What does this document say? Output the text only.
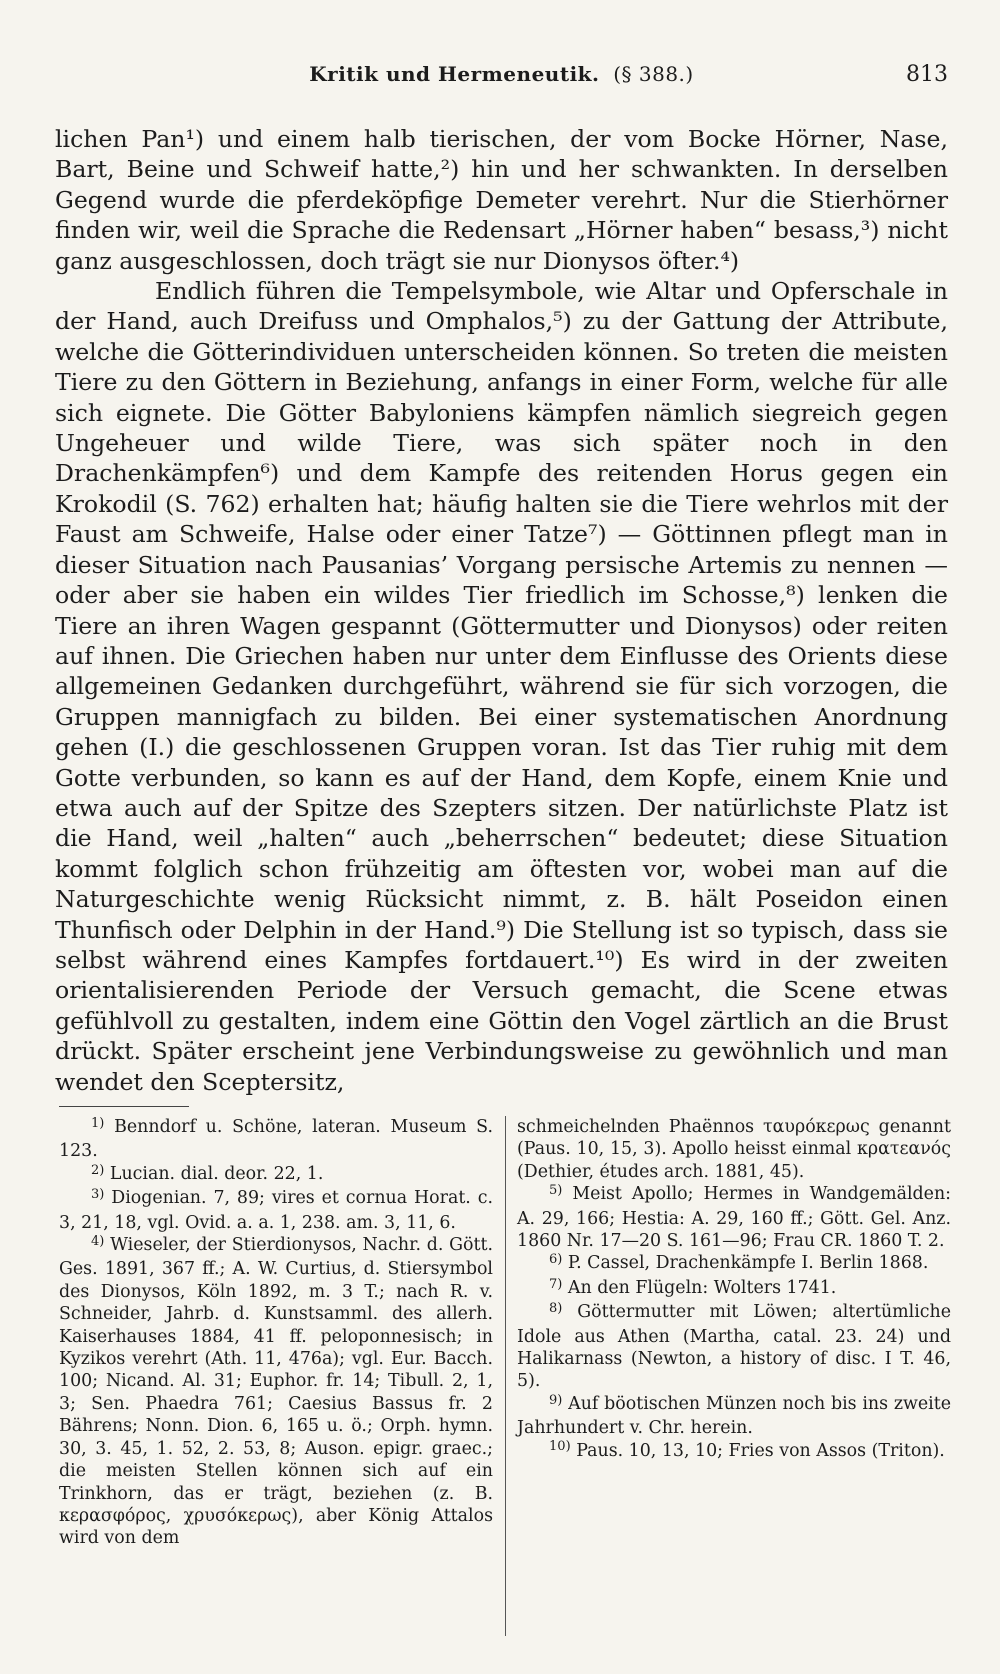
Kritik und Hermeneutik. (§ 388.)	813

lichen Pan¹) und einem halb tierischen, der vom Bocke Hörner, Nase, Bart, Beine und Schweif hatte,²) hin und her schwankten. In derselben Gegend wurde die pferdeköpfige Demeter verehrt. Nur die Stierhörner finden wir, weil die Sprache die Redensart „Hörner haben“ besass,³) nicht ganz ausgeschlossen, doch trägt sie nur Dionysos öfter.⁴)

Endlich führen die Tempelsymbole, wie Altar und Opferschale in der Hand, auch Dreifuss und Omphalos,⁵) zu der Gattung der Attribute, welche die Götterindividuen unterscheiden können. So treten die meisten Tiere zu den Göttern in Beziehung, anfangs in einer Form, welche für alle sich eignete. Die Götter Babyloniens kämpfen nämlich siegreich gegen Ungeheuer und wilde Tiere, was sich später noch in den Drachenkämpfen⁶) und dem Kampfe des reitenden Horus gegen ein Krokodil (S. 762) erhalten hat; häufig halten sie die Tiere wehrlos mit der Faust am Schweife, Halse oder einer Tatze⁷) — Göttinnen pflegt man in dieser Situation nach Pausanias’ Vorgang persische Artemis zu nennen — oder aber sie haben ein wildes Tier friedlich im Schosse,⁸) lenken die Tiere an ihren Wagen gespannt (Göttermutter und Dionysos) oder reiten auf ihnen. Die Griechen haben nur unter dem Einflusse des Orients diese allgemeinen Gedanken durchgeführt, während sie für sich vorzogen, die Gruppen mannigfach zu bilden. Bei einer systematischen Anordnung gehen (I.) die geschlossenen Gruppen voran. Ist das Tier ruhig mit dem Gotte verbunden, so kann es auf der Hand, dem Kopfe, einem Knie und etwa auch auf der Spitze des Szepters sitzen. Der natürlichste Platz ist die Hand, weil „halten“ auch „beherrschen“ bedeutet; diese Situation kommt folglich schon frühzeitig am öftesten vor, wobei man auf die Naturgeschichte wenig Rücksicht nimmt, z. B. hält Poseidon einen Thunfisch oder Delphin in der Hand.⁹) Die Stellung ist so typisch, dass sie selbst während eines Kampfes fortdauert.¹⁰) Es wird in der zweiten orientalisierenden Periode der Versuch gemacht, die Scene etwas gefühlvoll zu gestalten, indem eine Göttin den Vogel zärtlich an die Brust drückt. Später erscheint jene Verbindungsweise zu gewöhnlich und man wendet den Sceptersitz,

$^{1)}$ Benndorf u. Schöne, lateran. Museum S. 123.

$^{2)}$ Lucian. dial. deor. 22, 1.

$^{3)}$ Diogenian. 7, 89; vires et cornua Horat. c. 3, 21, 18, vgl. Ovid. a. a. 1, 238. am. 3, 11, 6.

$^{4)}$ Wieseler, der Stierdionysos, Nachr. d. Gött. Ges. 1891, 367 ff.; A. W. Curtius, d. Stiersymbol des Dionysos, Köln 1892, m. 3 T.; nach R. v. Schneider, Jahrb. d. Kunstsamml. des allerh. Kaiserhauses 1884, 41 ff. peloponnesisch; in Kyzikos verehrt (Ath. 11, 476a); vgl. Eur. Bacch. 100; Nicand. Al. 31; Euphor. fr. 14; Tibull. 2, 1, 3; Sen. Phaedra 761; Caesius Bassus fr. 2 Bährens; Nonn. Dion. 6, 165 u. ö.; Orph. hymn. 30, 3. 45, 1. 52, 2. 53, 8; Auson. epigr. graec.; die meisten Stellen können sich auf ein Trinkhorn, das er trägt, beziehen (z. B. κερασφόρος, χρυσόκερως), aber König Attalos wird von dem

schmeichelnden Phaënnos ταυρόκερως genannt (Paus. 10, 15, 3). Apollo heisst einmal κρατεανός (Dethier, études arch. 1881, 45).

$^{5)}$ Meist Apollo; Hermes in Wandgemälden: A. 29, 166; Hestia: A. 29, 160 ff.; Gött. Gel. Anz. 1860 Nr. 17—20 S. 161—96; Frau CR. 1860 T. 2.

$^{6)}$ P. Cassel, Drachenkämpfe I. Berlin 1868.

$^{7)}$ An den Flügeln: Wolters 1741.

$^{8)}$ Göttermutter mit Löwen; altertümliche Idole aus Athen (Martha, catal. 23. 24) und Halikarnass (Newton, a history of disc. I T. 46, 5).

$^{9)}$ Auf böotischen Münzen noch bis ins zweite Jahrhundert v. Chr. herein.

$^{10)}$ Paus. 10, 13, 10; Fries von Assos (Triton).
